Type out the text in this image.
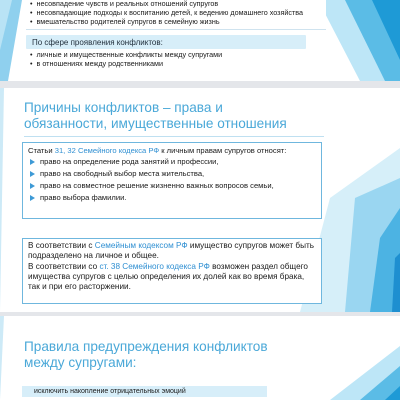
• несовпадение чувств и реальных отношений супругов
• несовпадающие подходы к воспитанию детей, к ведению домашнего хозяйства
• вмешательство родителей супругов в семейную жизнь
По сфере проявления конфликтов:
• личные и имущественные конфликты между супругами
• в отношениях между родственниками
Причины конфликтов – права и
обязанности, имущественные отношения
Статьи 31, 32 Семейного кодекса РФ к личным правам супругов относят:
право на определение рода занятий и профессии,
право на свободный выбор места жительства,
право на совместное решение жизненно важных вопросов семьи,
право выбора фамилии.
В соответствии с Семейным кодексом РФ имущество супругов может быть подразделено на личное и общее.
В соответствии со ст. 38 Семейного кодекса РФ возможен раздел общего имущества супругов с целью определения их долей как во время брака, так и при его расторжении.
Правила предупреждения конфликтов
между супругами:
исключить накопление отрицательных эмоций
